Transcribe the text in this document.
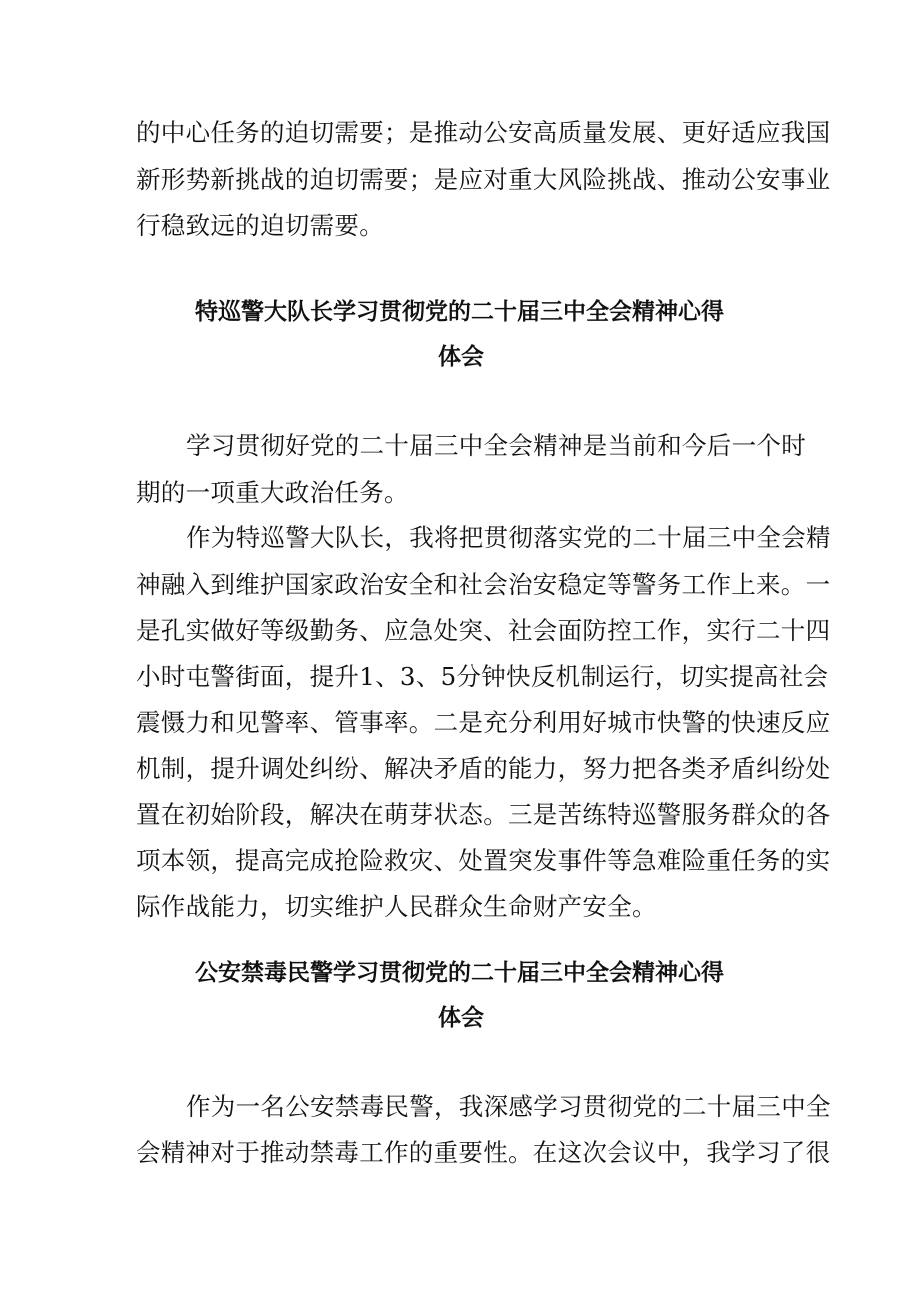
的中心任务的迫切需要；是推动公安高质量发展、更好适应我国
新形势新挑战的迫切需要；是应对重大风险挑战、推动公安事业
行稳致远的迫切需要。
特巡警大队长学习贯彻党的二十届三中全会精神心得
体会
学习贯彻好党的二十届三中全会精神是当前和今后一个时
期的一项重大政治任务。
作为特巡警大队长，我将把贯彻落实党的二十届三中全会精
神融入到维护国家政治安全和社会治安稳定等警务工作上来。一
是孔实做好等级勤务、应急处突、社会面防控工作，实行二十四
小时屯警街面，提升1、3、5分钟快反机制运行，切实提高社会
震慑力和见警率、管事率。二是充分利用好城市快警的快速反应
机制，提升调处纠纷、解决矛盾的能力，努力把各类矛盾纠纷处
置在初始阶段，解决在萌芽状态。三是苦练特巡警服务群众的各
项本领，提高完成抢险救灾、处置突发事件等急难险重任务的实
际作战能力，切实维护人民群众生命财产安全。
公安禁毒民警学习贯彻党的二十届三中全会精神心得
体会
作为一名公安禁毒民警，我深感学习贯彻党的二十届三中全
会精神对于推动禁毒工作的重要性。在这次会议中，我学习了很
